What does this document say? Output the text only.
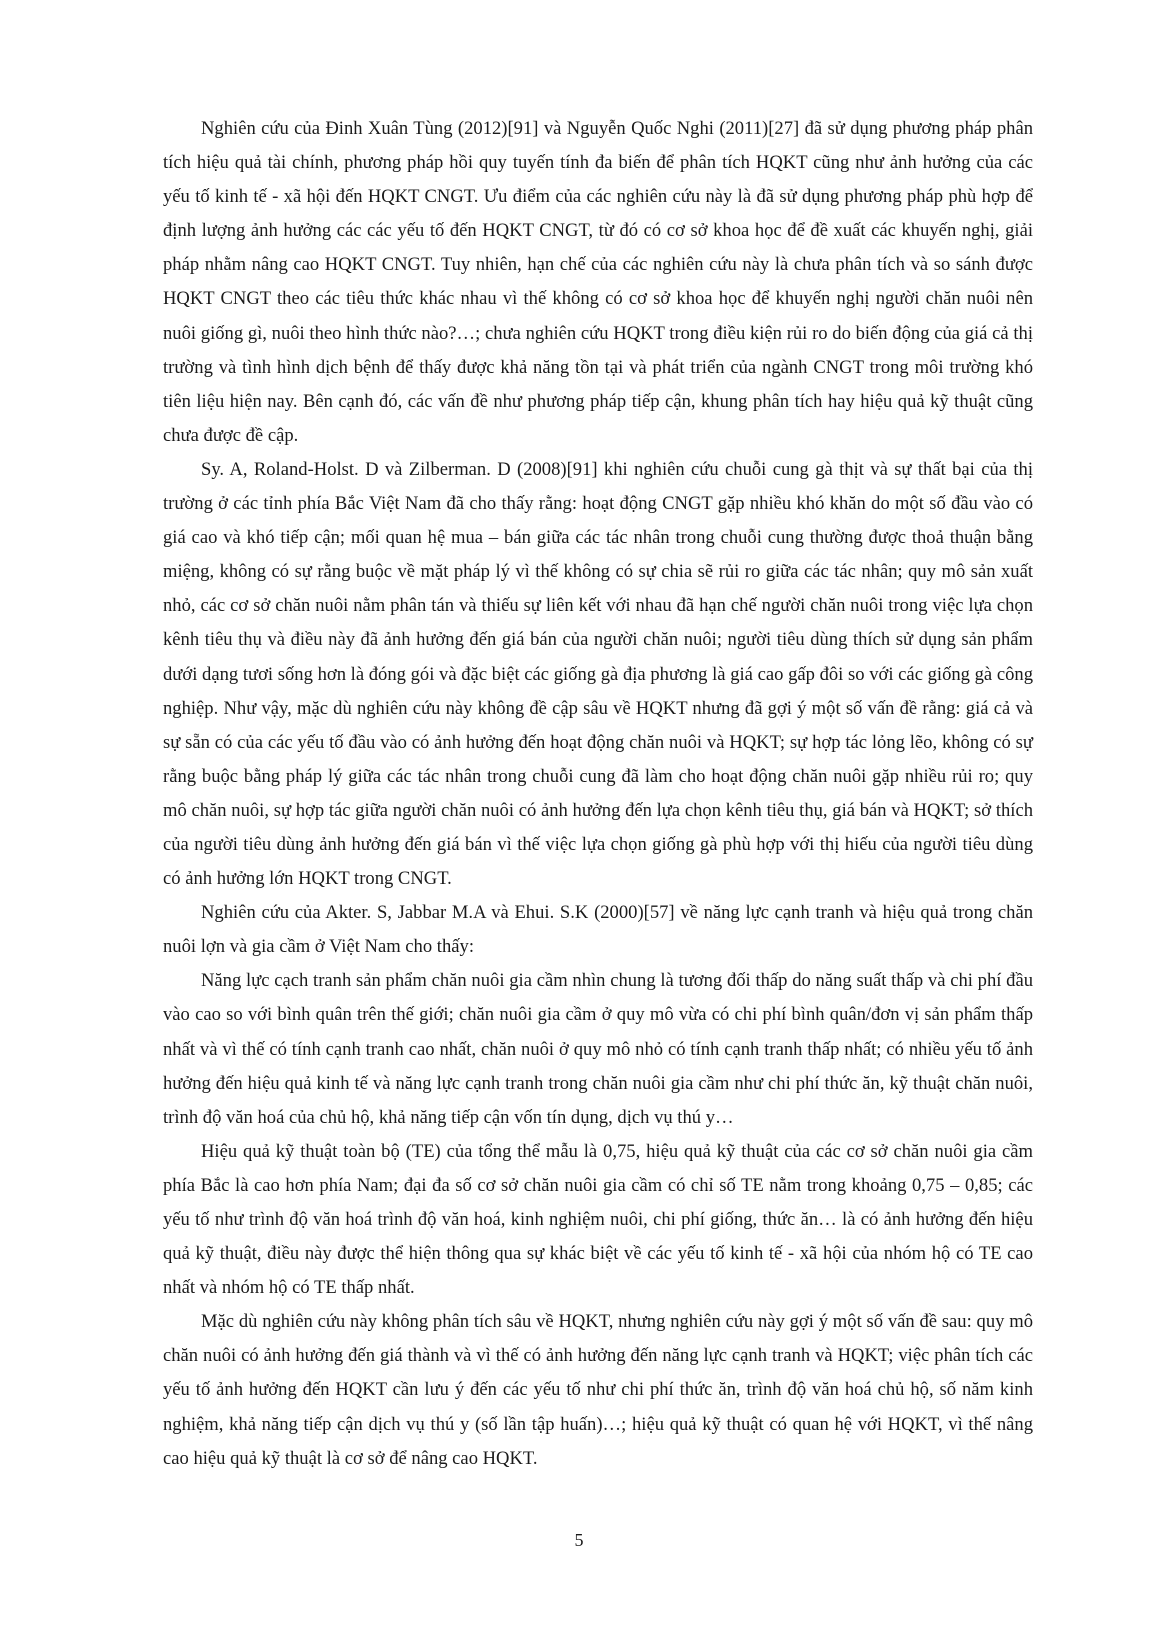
Nghiên cứu của Đinh Xuân Tùng (2012)[91] và Nguyễn Quốc Nghi (2011)[27] đã sử dụng phương pháp phân tích hiệu quả tài chính, phương pháp hồi quy tuyến tính đa biến để phân tích HQKT cũng như ảnh hưởng của các yếu tố kinh tế - xã hội đến HQKT CNGT. Ưu điểm của các nghiên cứu này là đã sử dụng phương pháp phù hợp để định lượng ảnh hưởng các các yếu tố đến HQKT CNGT, từ đó có cơ sở khoa học để đề xuất các khuyến nghị, giải pháp nhằm nâng cao HQKT CNGT. Tuy nhiên, hạn chế của các nghiên cứu này là chưa phân tích và so sánh được HQKT CNGT theo các tiêu thức khác nhau vì thế không có cơ sở khoa học để khuyến nghị người chăn nuôi nên nuôi giống gì, nuôi theo hình thức nào?…; chưa nghiên cứu HQKT trong điều kiện rủi ro do biến động của giá cả thị trường và tình hình dịch bệnh để thấy được khả năng tồn tại và phát triển của ngành CNGT trong môi trường khó tiên liệu hiện nay. Bên cạnh đó, các vấn đề như phương pháp tiếp cận, khung phân tích hay hiệu quả kỹ thuật cũng chưa được đề cập.

Sy. A, Roland-Holst. D và Zilberman. D (2008)[91] khi nghiên cứu chuỗi cung gà thịt và sự thất bại của thị trường ở các tỉnh phía Bắc Việt Nam đã cho thấy rằng: hoạt động CNGT gặp nhiều khó khăn do một số đầu vào có giá cao và khó tiếp cận; mối quan hệ mua – bán giữa các tác nhân trong chuỗi cung thường được thoả thuận bằng miệng, không có sự rằng buộc về mặt pháp lý vì thế không có sự chia sẽ rủi ro giữa các tác nhân; quy mô sản xuất nhỏ, các cơ sở chăn nuôi nằm phân tán và thiếu sự liên kết với nhau đã hạn chế người chăn nuôi trong việc lựa chọn kênh tiêu thụ và điều này đã ảnh hưởng đến giá bán của người chăn nuôi; người tiêu dùng thích sử dụng sản phẩm dưới dạng tươi sống hơn là đóng gói và đặc biệt các giống gà địa phương là giá cao gấp đôi so với các giống gà công nghiệp. Như vậy, mặc dù nghiên cứu này không đề cập sâu về HQKT nhưng đã gợi ý một số vấn đề rằng: giá cả và sự sẵn có của các yếu tố đầu vào có ảnh hưởng đến hoạt động chăn nuôi và HQKT; sự hợp tác lỏng lẽo, không có sự rằng buộc bằng pháp lý giữa các tác nhân trong chuỗi cung đã làm cho hoạt động chăn nuôi gặp nhiều rủi ro; quy mô chăn nuôi, sự hợp tác giữa người chăn nuôi có ảnh hưởng đến lựa chọn kênh tiêu thụ, giá bán và HQKT; sở thích của người tiêu dùng ảnh hưởng đến giá bán vì thế việc lựa chọn giống gà phù hợp với thị hiếu của người tiêu dùng có ảnh hưởng lớn HQKT trong CNGT.

Nghiên cứu của Akter. S, Jabbar M.A và Ehui. S.K (2000)[57] về năng lực cạnh tranh và hiệu quả trong chăn nuôi lợn và gia cầm ở Việt Nam cho thấy:

Năng lực cạch tranh sản phẩm chăn nuôi gia cầm nhìn chung là tương đối thấp do năng suất thấp và chi phí đầu vào cao so với bình quân trên thế giới; chăn nuôi gia cầm ở quy mô vừa có chi phí bình quân/đơn vị sản phẩm thấp nhất và vì thế có tính cạnh tranh cao nhất, chăn nuôi ở quy mô nhỏ có tính cạnh tranh thấp nhất; có nhiều yếu tố ảnh hưởng đến hiệu quả kinh tế và năng lực cạnh tranh trong chăn nuôi gia cầm như chi phí thức ăn, kỹ thuật chăn nuôi, trình độ văn hoá của chủ hộ, khả năng tiếp cận vốn tín dụng, dịch vụ thú y…

Hiệu quả kỹ thuật toàn bộ (TE) của tổng thể mẫu là 0,75, hiệu quả kỹ thuật của các cơ sở chăn nuôi gia cầm phía Bắc là cao hơn phía Nam; đại đa số cơ sở chăn nuôi gia cầm có chỉ số TE nằm trong khoảng 0,75 – 0,85; các yếu tố như trình độ văn hoá trình độ văn hoá, kinh nghiệm nuôi, chi phí giống, thức ăn… là có ảnh hưởng đến hiệu quả kỹ thuật, điều này được thể hiện thông qua sự khác biệt về các yếu tố kinh tế - xã hội của nhóm hộ có TE cao nhất và nhóm hộ có TE thấp nhất.

Mặc dù nghiên cứu này không phân tích sâu về HQKT, nhưng nghiên cứu này gợi ý một số vấn đề sau: quy mô chăn nuôi có ảnh hưởng đến giá thành và vì thế có ảnh hưởng đến năng lực cạnh tranh và HQKT; việc phân tích các yếu tố ảnh hưởng đến HQKT cần lưu ý đến các yếu tố như chi phí thức ăn, trình độ văn hoá chủ hộ, số năm kinh nghiệm, khả năng tiếp cận dịch vụ thú y (số lần tập huấn)…; hiệu quả kỹ thuật có quan hệ với HQKT, vì thế nâng cao hiệu quả kỹ thuật là cơ sở để nâng cao HQKT.

5
